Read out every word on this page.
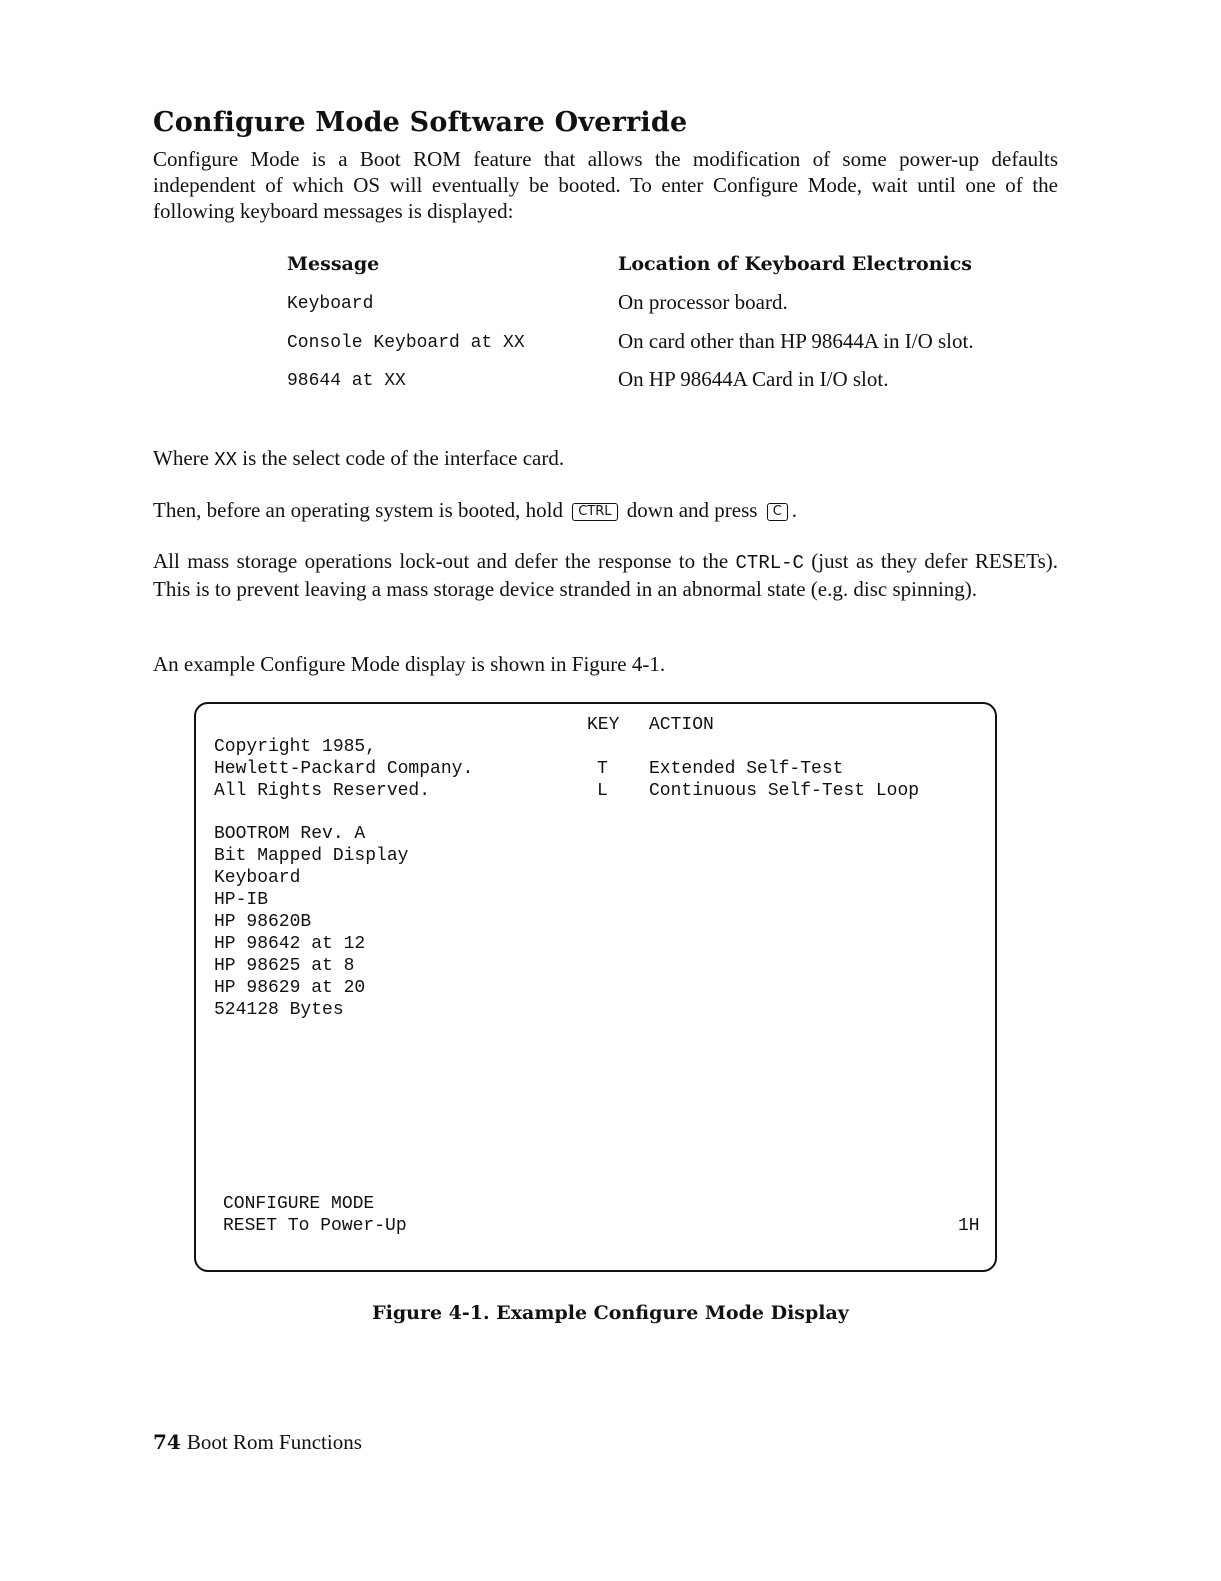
Configure Mode Software Override

Configure Mode is a Boot ROM feature that allows the modification of some power-up defaults independent of which OS will eventually be booted. To enter Configure Mode, wait until one of the following keyboard messages is displayed:

Message	Location of Keyboard Electronics
Keyboard	On processor board.
Console Keyboard at XX	On card other than HP 98644A in I/O slot.
98644 at XX	On HP 98644A Card in I/O slot.

Where XX is the select code of the interface card.

Then, before an operating system is booted, hold CTRL down and press C .

All mass storage operations lock-out and defer the response to the CTRL-C (just as they defer RESETs). This is to prevent leaving a mass storage device stranded in an abnormal state (e.g. disc spinning).

An example Configure Mode display is shown in Figure 4-1.

KEY ACTION
Copyright 1985,
Hewlett-Packard Company.
All Rights Reserved.
T Extended Self-Test
L Continuous Self-Test Loop
BOOTROM Rev. A
Bit Mapped Display
Keyboard
HP-IB
HP 98620B
HP 98642 at 12
HP 98625 at 8
HP 98629 at 20
524128 Bytes
CONFIGURE MODE
RESET To Power-Up	1H
Figure 4-1. Example Configure Mode Display
74 Boot Rom Functions
